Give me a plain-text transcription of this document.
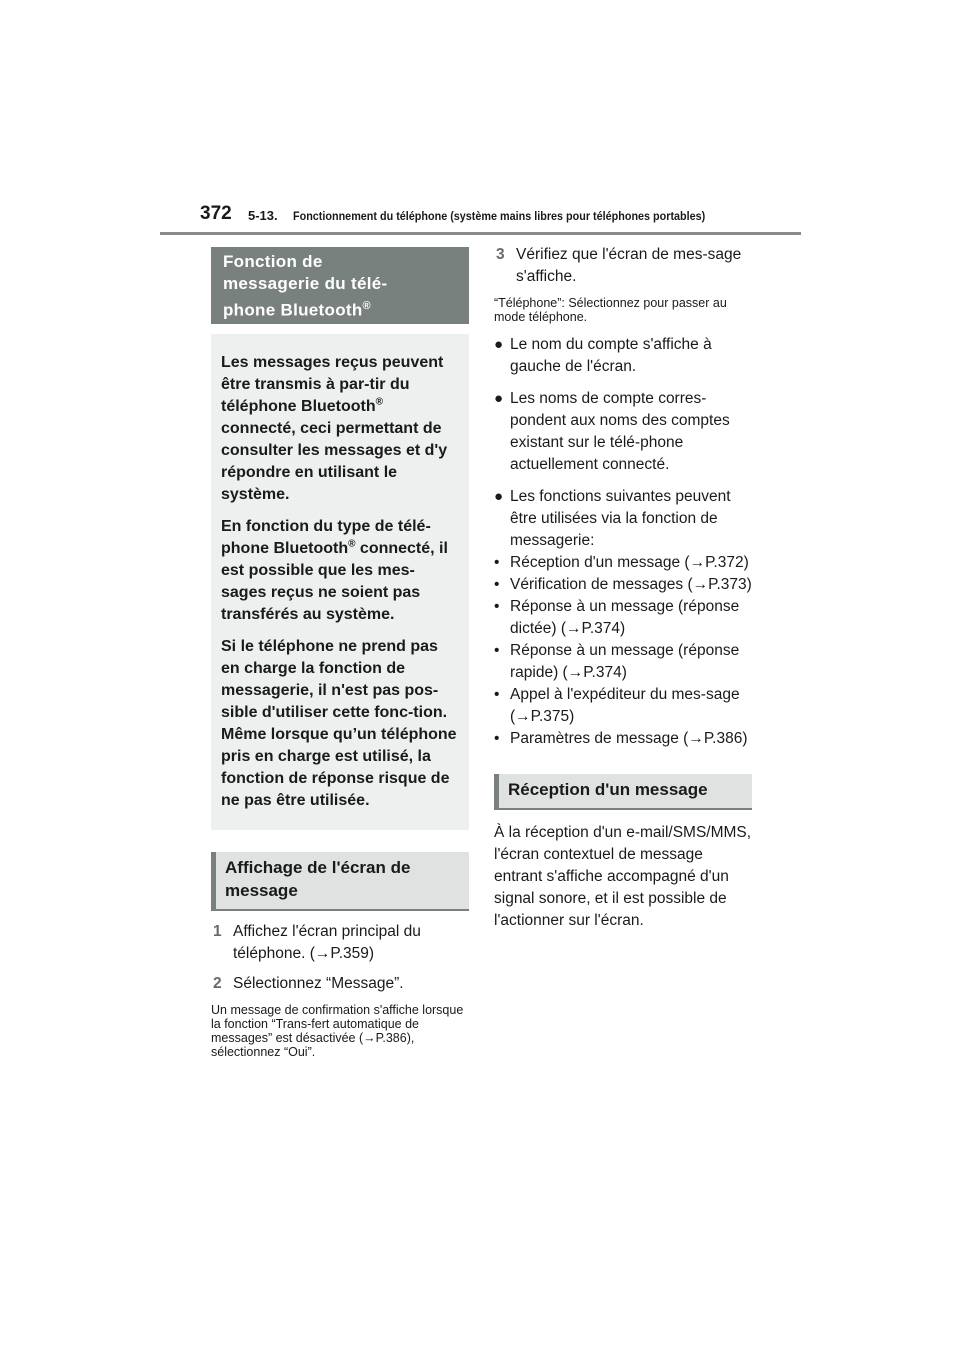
372 5-13. Fonctionnement du téléphone (système mains libres pour téléphones portables)
Fonction de
messagerie du télé-
phone Bluetooth®

Les messages reçus peuvent être transmis à par-tir du téléphone Bluetooth® connecté, ceci permettant de consulter les messages et d'y répondre en utilisant le système.

En fonction du type de télé-phone Bluetooth® connecté, il est possible que les mes-sages reçus ne soient pas transférés au système.

Si le téléphone ne prend pas en charge la fonction de messagerie, il n'est pas pos-sible d'utiliser cette fonc-tion. Même lorsque qu’un téléphone pris en charge est utilisé, la fonction de réponse risque de ne pas être utilisée.

Affichage de l'écran de message
1 Affichez l'écran principal du téléphone. (→P.359)
2 Sélectionnez “Message”.

Un message de confirmation s'affiche lorsque la fonction “Trans-fert automatique de messages” est désactivée (→P.386), sélectionnez “Oui”.

3 Vérifiez que l'écran de mes-sage s'affiche.

“Téléphone”: Sélectionnez pour passer au mode téléphone.

● Le nom du compte s'affiche à gauche de l'écran.
● Les noms de compte corres-pondent aux noms des comptes existant sur le télé-phone actuellement connecté.
● Les fonctions suivantes peuvent être utilisées via la fonction de messagerie:
• Réception d'un message (→P.372)
• Vérification de messages (→P.373)
• Réponse à un message (réponse dictée) (→P.374)
• Réponse à un message (réponse rapide) (→P.374)
• Appel à l'expéditeur du mes-sage (→P.375)
• Paramètres de message (→P.386)
Réception d'un message
À la réception d'un e-mail/SMS/MMS, l'écran contextuel de message entrant s'affiche accompagné d'un signal sonore, et il est possible de l'actionner sur l'écran.
